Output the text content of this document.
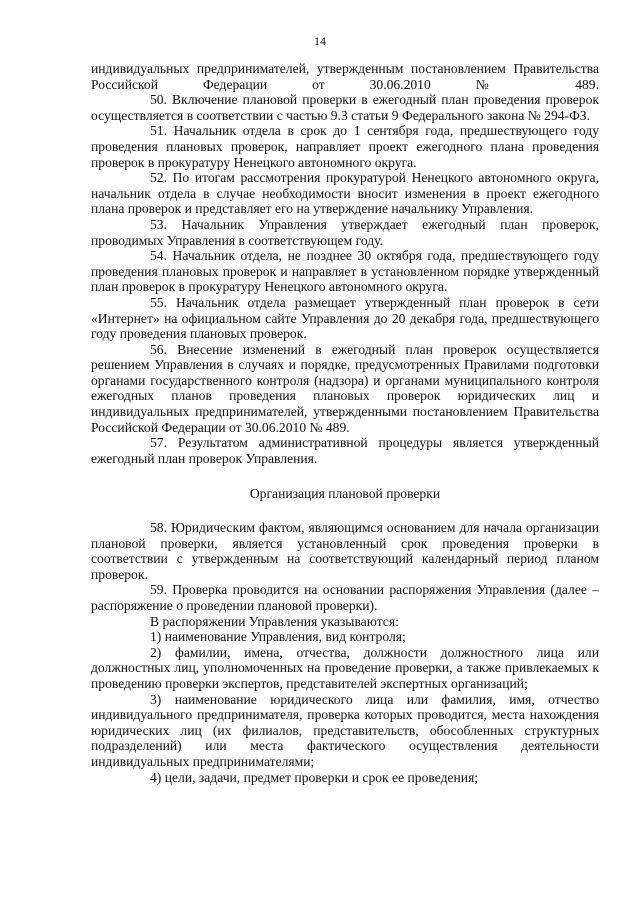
14

индивидуальных предпринимателей, утвержденным постановлением Правительства Российской Федерации от 30.06.2010 № 489.

50. Включение плановой проверки в ежегодный план проведения проверок осуществляется в соответствии с частью 9.3 статьи 9 Федерального закона № 294-ФЗ.

51. Начальник отдела в срок до 1 сентября года, предшествующего году проведения плановых проверок, направляет проект ежегодного плана проведения проверок в прокуратуру Ненецкого автономного округа.

52. По итогам рассмотрения прокуратурой Ненецкого автономного округа, начальник отдела в случае необходимости вносит изменения в проект ежегодного плана проверок и представляет его на утверждение начальнику Управления.

53. Начальник Управления утверждает ежегодный план проверок, проводимых Управления в соответствующем году.

54. Начальник отдела, не позднее 30 октября года, предшествующего году проведения плановых проверок и направляет в установленном порядке утвержденный план проверок в прокуратуру Ненецкого автономного округа.

55. Начальник отдела размещает утвержденный план проверок в сети «Интернет» на официальном сайте Управления до 20 декабря года, предшествующего году проведения плановых проверок.

56. Внесение изменений в ежегодный план проверок осуществляется решением Управления в случаях и порядке, предусмотренных Правилами подготовки органами государственного контроля (надзора) и органами муниципального контроля ежегодных планов проведения плановых проверок юридических лиц и индивидуальных предпринимателей, утвержденными постановлением Правительства Российской Федерации от 30.06.2010 № 489.

57. Результатом административной процедуры является утвержденный ежегодный план проверок Управления.

Организация плановой проверки

58. Юридическим фактом, являющимся основанием для начала организации плановой проверки, является установленный срок проведения проверки в соответствии с утвержденным на соответствующий календарный период планом проверок.

59. Проверка проводится на основании распоряжения Управления (далее – распоряжение о проведении плановой проверки).

В распоряжении Управления указываются:

1) наименование Управления, вид контроля;

2) фамилии, имена, отчества, должности должностного лица или должностных лиц, уполномоченных на проведение проверки, а также привлекаемых к проведению проверки экспертов, представителей экспертных организаций;

3) наименование юридического лица или фамилия, имя, отчество индивидуального предпринимателя, проверка которых проводится, места нахождения юридических лиц (их филиалов, представительств, обособленных структурных подразделений) или места фактического осуществления деятельности индивидуальных предпринимателями;

4) цели, задачи, предмет проверки и срок ее проведения;
